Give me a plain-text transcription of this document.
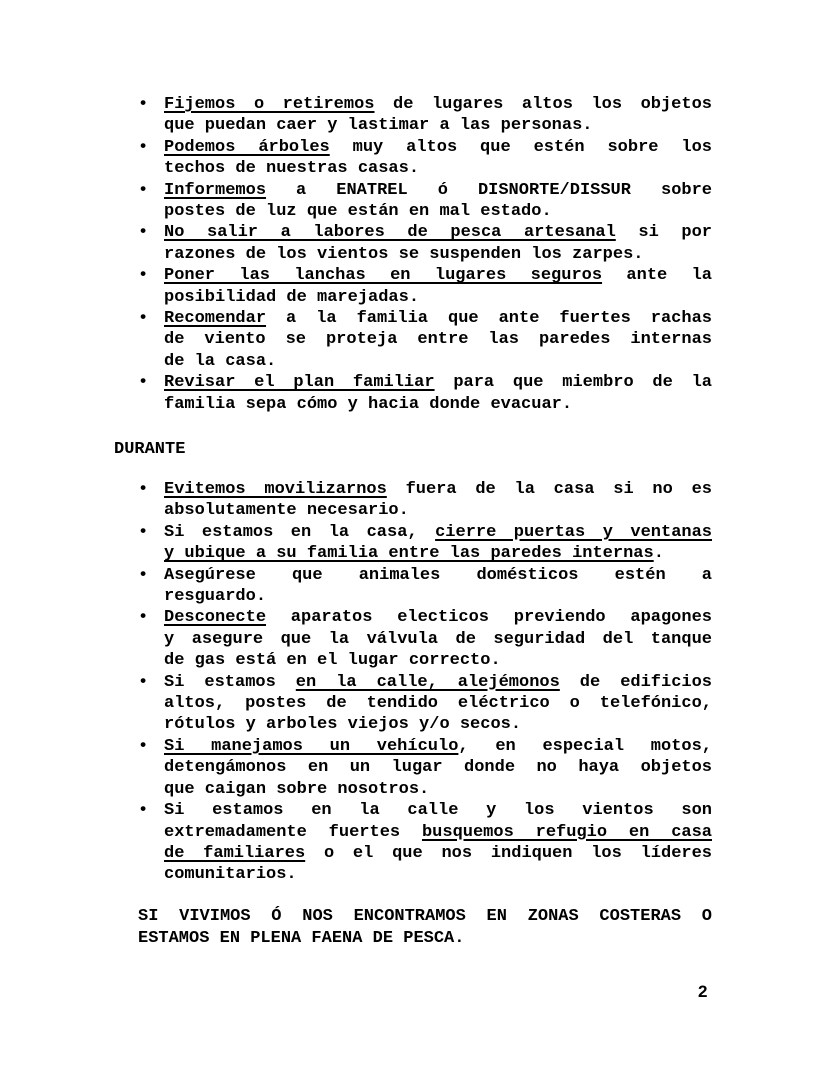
• Fijemos o retiremos de lugares altos los objetos
que puedan caer y lastimar a las personas.
• Podemos árboles muy altos que estén sobre los
techos de nuestras casas.
• Informemos a ENATREL ó DISNORTE/DISSUR sobre
postes de luz que están en mal estado.
• No salir a labores de pesca artesanal si por
razones de los vientos se suspenden los zarpes.
• Poner las lanchas en lugares seguros ante la
posibilidad de marejadas.
• Recomendar a la familia que ante fuertes rachas
de viento se proteja entre las paredes internas
de la casa.
• Revisar el plan familiar para que miembro de la
familia sepa cómo y hacia donde evacuar.
DURANTE
• Evitemos movilizarnos fuera de la casa si no es
absolutamente necesario.
• Si estamos en la casa, cierre puertas y ventanas
y ubique a su familia entre las paredes internas.
• Asegúrese que animales domésticos estén a
resguardo.
• Desconecte aparatos electicos previendo apagones
y asegure que la válvula de seguridad del tanque
de gas está en el lugar correcto.
• Si estamos en la calle, alejémonos de edificios
altos, postes de tendido eléctrico o telefónico,
rótulos y arboles viejos y/o secos.
• Si manejamos un vehículo, en especial motos,
detengámonos en un lugar donde no haya objetos
que caigan sobre nosotros.
• Si estamos en la calle y los vientos son
extremadamente fuertes busquemos refugio en casa
de familiares o el que nos indiquen los líderes
comunitarios.
SI VIVIMOS Ó NOS ENCONTRAMOS EN ZONAS COSTERAS O
ESTAMOS EN PLENA FAENA DE PESCA.
2
